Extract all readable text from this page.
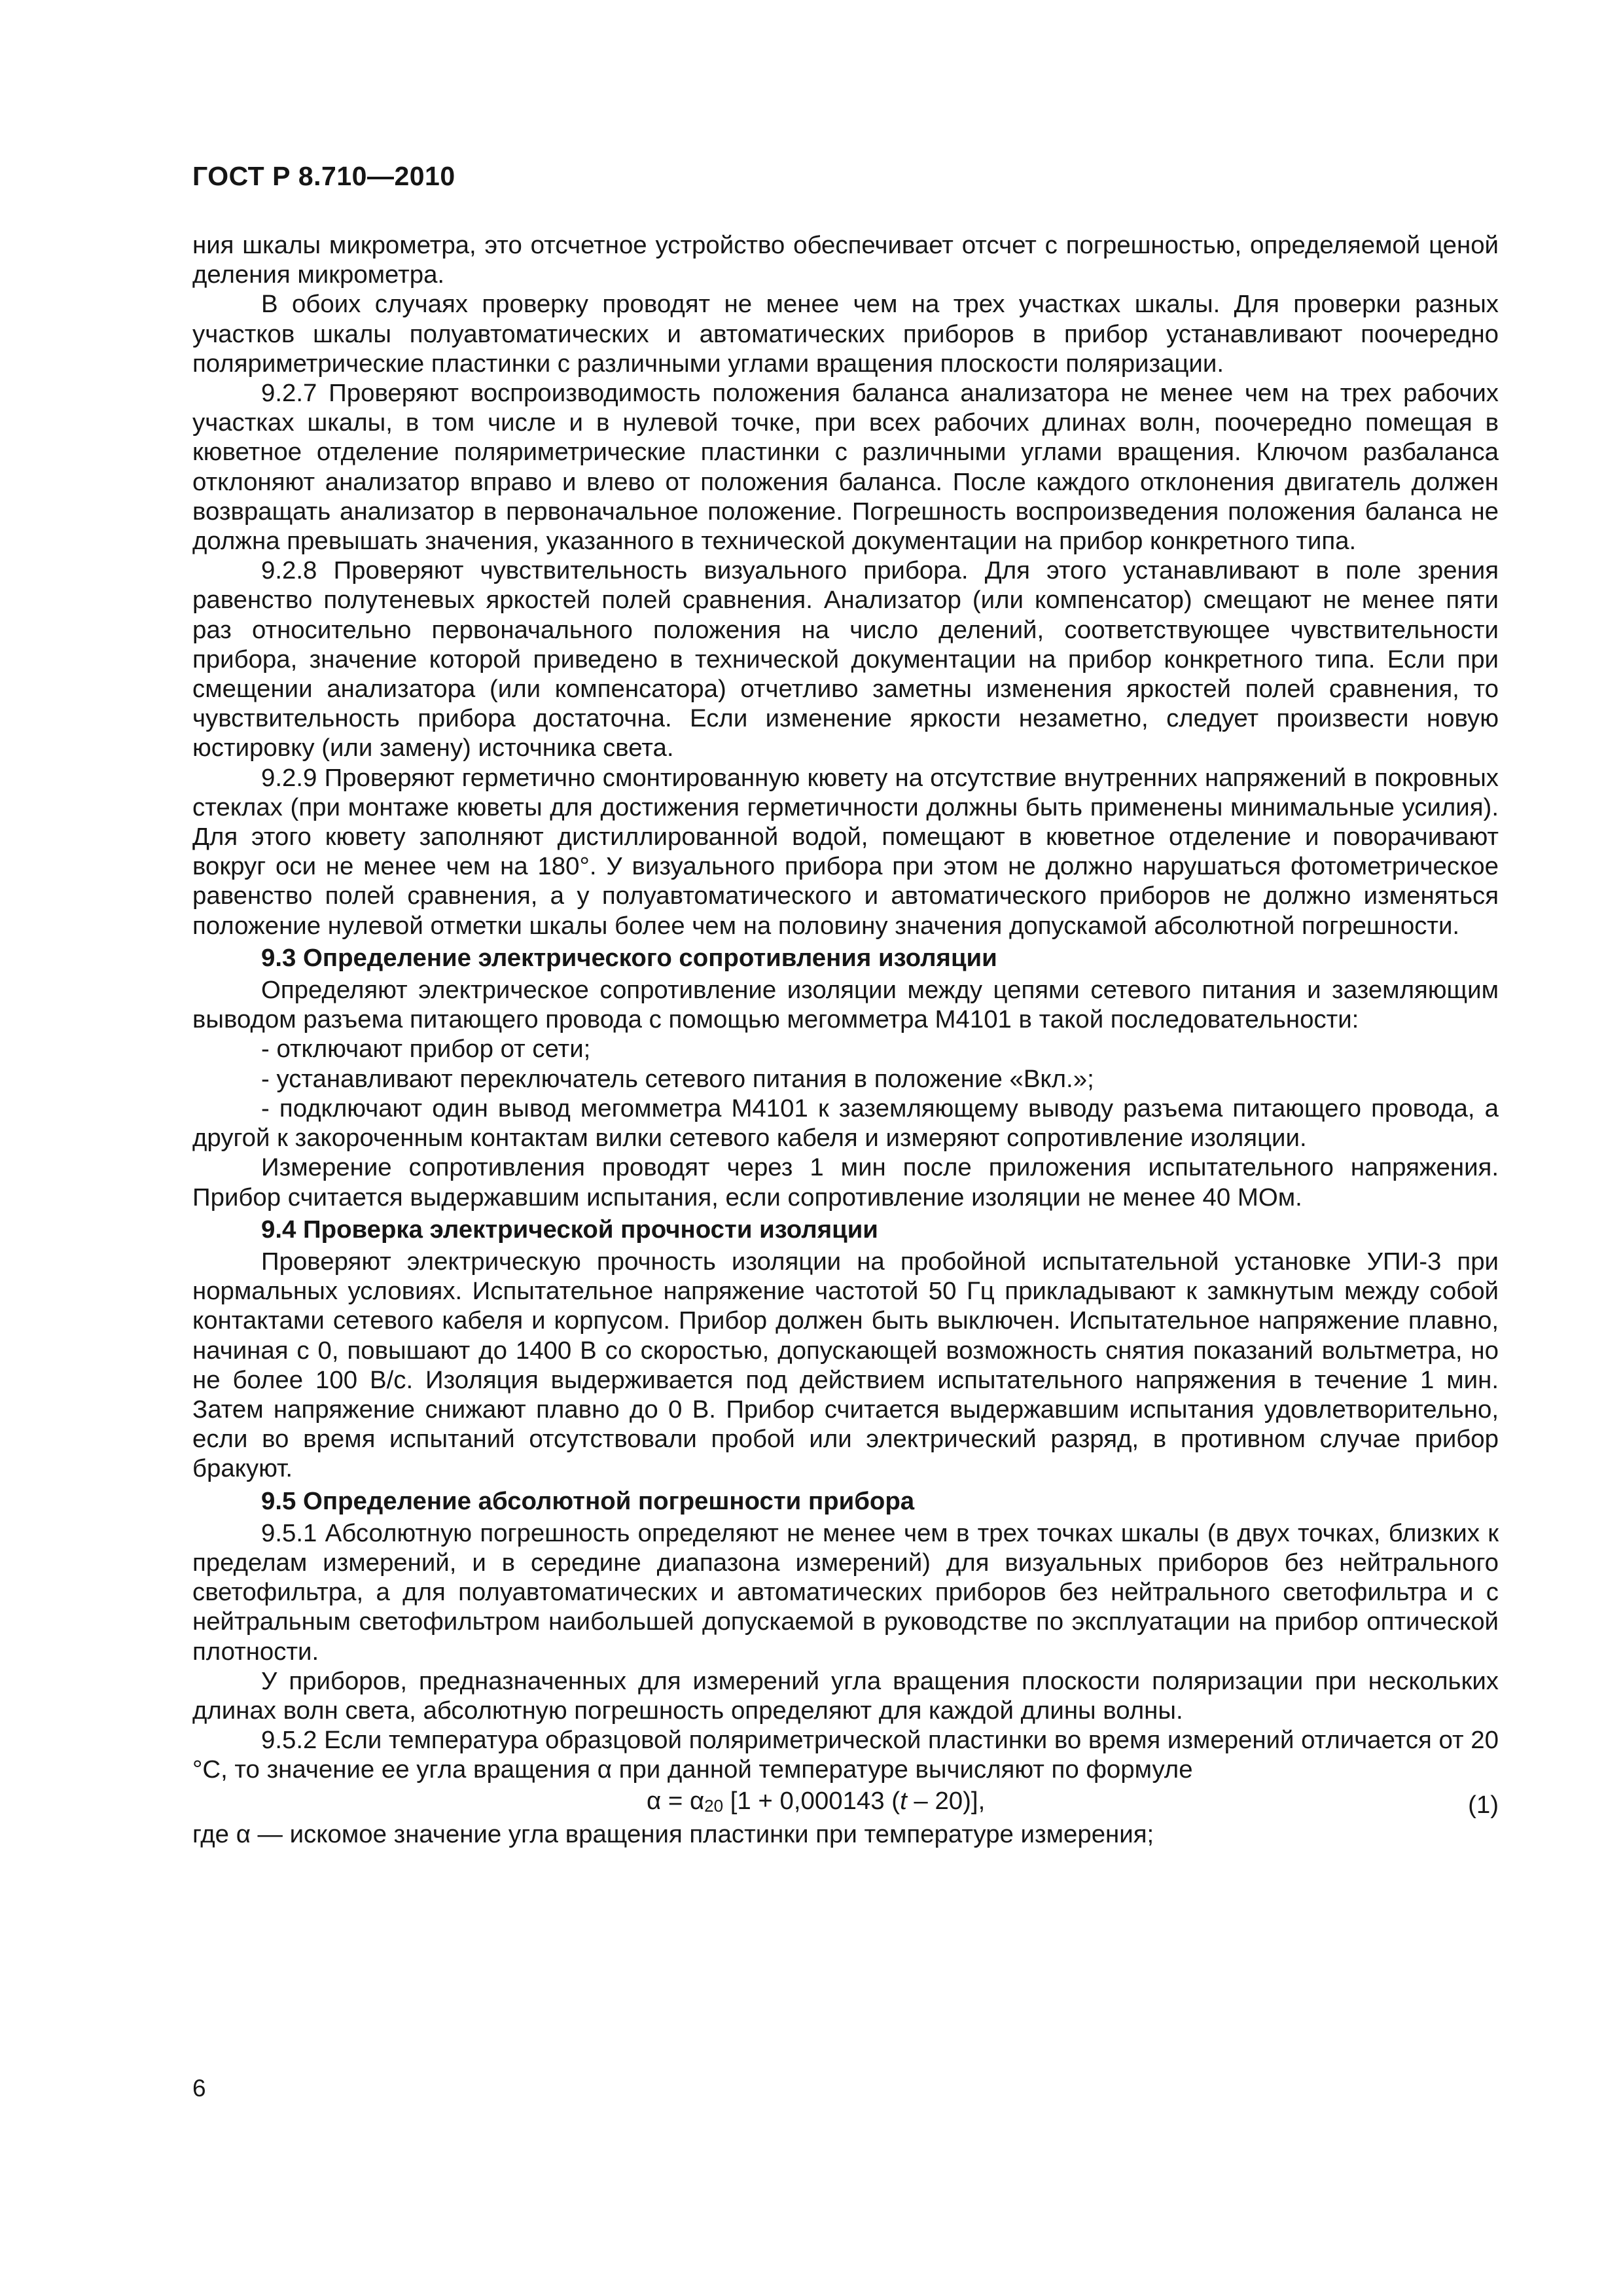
ГОСТ Р 8.710—2010

ния шкалы микрометра, это отсчетное устройство обеспечивает отсчет с погрешностью, определяемой ценой деления микрометра.

В обоих случаях проверку проводят не менее чем на трех участках шкалы. Для проверки разных участков шкалы полуавтоматических и автоматических приборов в прибор устанавливают поочередно поляриметрические пластинки с различными углами вращения плоскости поляризации.

9.2.7 Проверяют воспроизводимость положения баланса анализатора не менее чем на трех рабочих участках шкалы, в том числе и в нулевой точке, при всех рабочих длинах волн, поочередно помещая в кюветное отделение поляриметрические пластинки с различными углами вращения. Ключом разбаланса отклоняют анализатор вправо и влево от положения баланса. После каждого отклонения двигатель должен возвращать анализатор в первоначальное положение. Погрешность воспроизведения положения баланса не должна превышать значения, указанного в технической документации на прибор конкретного типа.

9.2.8 Проверяют чувствительность визуального прибора. Для этого устанавливают в поле зрения равенство полутеневых яркостей полей сравнения. Анализатор (или компенсатор) смещают не менее пяти раз относительно первоначального положения на число делений, соответствующее чувствительности прибора, значение которой приведено в технической документации на прибор конкретного типа. Если при смещении анализатора (или компенсатора) отчетливо заметны изменения яркостей полей сравнения, то чувствительность прибора достаточна. Если изменение яркости незаметно, следует произвести новую юстировку (или замену) источника света.

9.2.9 Проверяют герметично смонтированную кювету на отсутствие внутренних напряжений в покровных стеклах (при монтаже кюветы для достижения герметичности должны быть применены минимальные усилия). Для этого кювету заполняют дистиллированной водой, помещают в кюветное отделение и поворачивают вокруг оси не менее чем на 180°. У визуального прибора при этом не должно нарушаться фотометрическое равенство полей сравнения, а у полуавтоматического и автоматического приборов не должно изменяться положение нулевой отметки шкалы более чем на половину значения допускамой абсолютной погрешности.

9.3 Определение электрического сопротивления изоляции

Определяют электрическое сопротивление изоляции между цепями сетевого питания и заземляющим выводом разъема питающего провода с помощью мегомметра М4101 в такой последовательности:

- отключают прибор от сети;

- устанавливают переключатель сетевого питания в положение «Вкл.»;

- подключают один вывод мегомметра М4101 к заземляющему выводу разъема питающего провода, а другой к закороченным контактам вилки сетевого кабеля и измеряют сопротивление изоляции.

Измерение сопротивления проводят через 1 мин после приложения испытательного напряжения. Прибор считается выдержавшим испытания, если сопротивление изоляции не менее 40 МОм.

9.4 Проверка электрической прочности изоляции

Проверяют электрическую прочность изоляции на пробойной испытательной установке УПИ-3 при нормальных условиях. Испытательное напряжение частотой 50 Гц прикладывают к замкнутым между собой контактами сетевого кабеля и корпусом. Прибор должен быть выключен. Испытательное напряжение плавно, начиная с 0, повышают до 1400 В со скоростью, допускающей возможность снятия показаний вольтметра, но не более 100 В/с. Изоляция выдерживается под действием испытательного напряжения в течение 1 мин. Затем напряжение снижают плавно до 0 В. Прибор считается выдержавшим испытания удовлетворительно, если во время испытаний отсутствовали пробой или электрический разряд, в противном случае прибор бракуют.

9.5 Определение абсолютной погрешности прибора

9.5.1 Абсолютную погрешность определяют не менее чем в трех точках шкалы (в двух точках, близких к пределам измерений, и в середине диапазона измерений) для визуальных приборов без нейтрального светофильтра, а для полуавтоматических и автоматических приборов без нейтрального светофильтра и с нейтральным светофильтром наибольшей допускаемой в руководстве по эксплуатации на прибор оптической плотности.

У приборов, предназначенных для измерений угла вращения плоскости поляризации при нескольких длинах волн света, абсолютную погрешность определяют для каждой длины волны.

9.5.2 Если температура образцовой поляриметрической пластинки во время измерений отличается от 20 °С, то значение ее угла вращения α при данной температуре вычисляют по формуле

$\alpha = \alpha_{20}$ [1 + 0,000143 (t – 20)],	(1)

где α — искомое значение угла вращения пластинки при температуре измерения;

6
